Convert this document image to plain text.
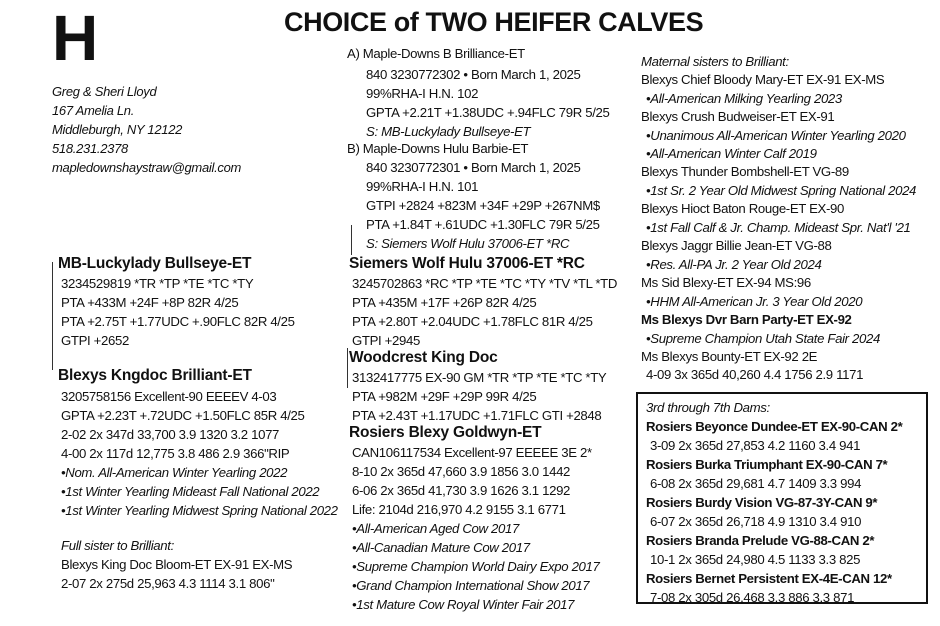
H	CHOICE of TWO HEIFER CALVES
Greg & Sheri Lloyd
167 Amelia Ln.
Middleburgh, NY 12122
518.231.2378
mapledownshaystraw@gmail.com
A) Maple-Downs B Brilliance-ET
840 3230772302 • Born March 1, 2025
99%RHA-I H.N. 102
GPTA +2.21T +1.38UDC +.94FLC 79R 5/25
S: MB-Luckylady Bullseye-ET
B) Maple-Downs Hulu Barbie-ET
840 3230772301 • Born March 1, 2025
99%RHA-I H.N. 101
GTPI +2824 +823M +34F +29P +267NM$
PTA +1.84T +.61UDC +1.30FLC 79R 5/25
S: Siemers Wolf Hulu 37006-ET *RC
MB-Luckylady Bullseye-ET
3234529819 *TR *TP *TE *TC *TY
PTA +433M +24F +8P 82R 4/25
PTA +2.75T +1.77UDC +.90FLC 82R 4/25
GTPI +2652
Blexys Kngdoc Brilliant-ET
3205758156 Excellent-90 EEEEV 4-03
GPTA +2.23T +.72UDC +1.50FLC 85R 4/25
2-02 2x 347d 33,700 3.9 1320 3.2 1077
4-00 2x 117d 12,775 3.8 486 2.9 366"RIP
•Nom. All-American Winter Yearling 2022
•1st Winter Yearling Mideast Fall National 2022
•1st Winter Yearling Midwest Spring National 2022
Full sister to Brilliant:
Blexys King Doc Bloom-ET EX-91 EX-MS
2-07 2x 275d 25,963 4.3 1114 3.1 806"
Siemers Wolf Hulu 37006-ET *RC
3245702863 *RC *TP *TE *TC *TY *TV *TL *TD
PTA +435M +17F +26P 82R 4/25
PTA +2.80T +2.04UDC +1.78FLC 81R 4/25
GTPI +2945
Woodcrest King Doc
3132417775 EX-90 GM *TR *TP *TE *TC *TY
PTA +982M +29F +29P 99R 4/25
PTA +2.43T +1.17UDC +1.71FLC GTI +2848
Rosiers Blexy Goldwyn-ET
CAN106117534 Excellent-97 EEEEE 3E 2*
8-10 2x 365d 47,660 3.9 1856 3.0 1442
6-06 2x 365d 41,730 3.9 1626 3.1 1292
Life: 2104d 216,970 4.2 9155 3.1 6771
•All-American Aged Cow 2017
•All-Canadian Mature Cow 2017
•Supreme Champion World Dairy Expo 2017
•Grand Champion International Show 2017
•1st Mature Cow Royal Winter Fair 2017
Maternal sisters to Brilliant:
Blexys Chief Bloody Mary-ET EX-91 EX-MS
•All-American Milking Yearling 2023
Blexys Crush Budweiser-ET EX-91
•Unanimous All-American Winter Yearling 2020
•All-American Winter Calf 2019
Blexys Thunder Bombshell-ET VG-89
•1st Sr. 2 Year Old Midwest Spring National 2024
Blexys Hioct Baton Rouge-ET EX-90
•1st Fall Calf & Jr. Champ. Mideast Spr. Nat'l '21
Blexys Jaggr Billie Jean-ET VG-88
•Res. All-PA Jr. 2 Year Old 2024
Ms Sid Blexy-ET EX-94 MS:96
•HHM All-American Jr. 3 Year Old 2020
Ms Blexys Dvr Barn Party-ET EX-92
•Supreme Champion Utah State Fair 2024
Ms Blexys Bounty-ET EX-92 2E
4-09 3x 365d 40,260 4.4 1756 2.9 1171
3rd through 7th Dams:
Rosiers Beyonce Dundee-ET EX-90-CAN 2*
3-09 2x 365d 27,853 4.2 1160 3.4 941
Rosiers Burka Triumphant EX-90-CAN 7*
6-08 2x 365d 29,681 4.7 1409 3.3 994
Rosiers Burdy Vision VG-87-3Y-CAN 9*
6-07 2x 365d 26,718 4.9 1310 3.4 910
Rosiers Branda Prelude VG-88-CAN 2*
10-1 2x 365d 24,980 4.5 1133 3.3 825
Rosiers Bernet Persistent EX-4E-CAN 12*
7-08 2x 305d 26,468 3.3 886 3.3 871
